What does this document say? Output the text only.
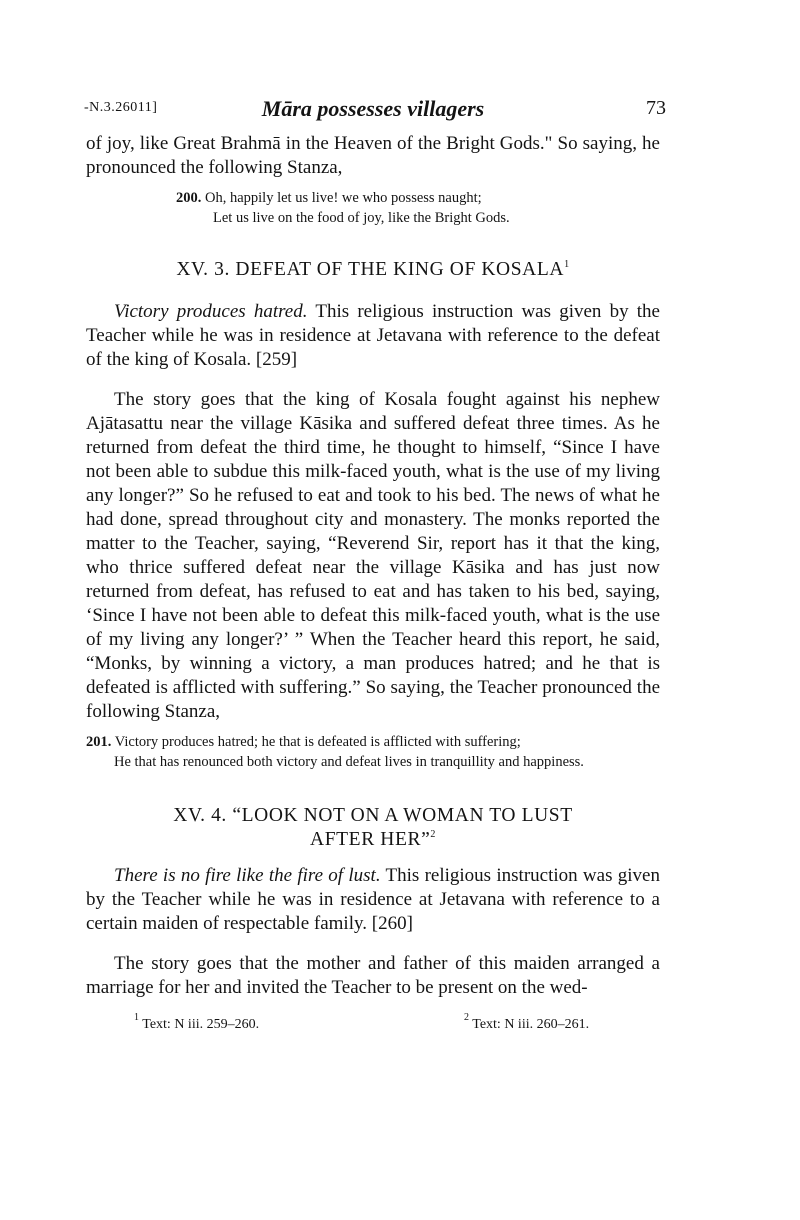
-N.3.26011]	Māra possesses villagers	73

of joy, like Great Brahmā in the Heaven of the Bright Gods." So saying, he pronounced the following Stanza,

200. Oh, happily let us live! we who possess naught;
Let us live on the food of joy, like the Bright Gods.
XV. 3. DEFEAT OF THE KING OF KOSALA$^1$

Victory produces hatred. This religious instruction was given by the Teacher while he was in residence at Jetavana with reference to the defeat of the king of Kosala. [259]

The story goes that the king of Kosala fought against his nephew Ajātasattu near the village Kāsika and suffered defeat three times. As he returned from defeat the third time, he thought to himself, “Since I have not been able to subdue this milk-faced youth, what is the use of my living any longer?” So he refused to eat and took to his bed. The news of what he had done, spread throughout city and monastery. The monks reported the matter to the Teacher, saying, “Reverend Sir, report has it that the king, who thrice suffered defeat near the village Kāsika and has just now returned from defeat, has refused to eat and has taken to his bed, saying, ‘Since I have not been able to defeat this milk-faced youth, what is the use of my living any longer?’ ” When the Teacher heard this report, he said, “Monks, by winning a victory, a man produces hatred; and he that is defeated is afflicted with suffering.” So saying, the Teacher pronounced the following Stanza,

201. Victory produces hatred; he that is defeated is afflicted with suffering;
He that has renounced both victory and defeat lives in tranquillity and happiness.
XV. 4. “LOOK NOT ON A WOMAN TO LUST
AFTER HER”$^2$

There is no fire like the fire of lust. This religious instruction was given by the Teacher while he was in residence at Jetavana with reference to a certain maiden of respectable family. [260]

The story goes that the mother and father of this maiden arranged a marriage for her and invited the Teacher to be present on the wed-

$^1$ Text: N iii. 259–260.	$^2$ Text: N iii. 260–261.
